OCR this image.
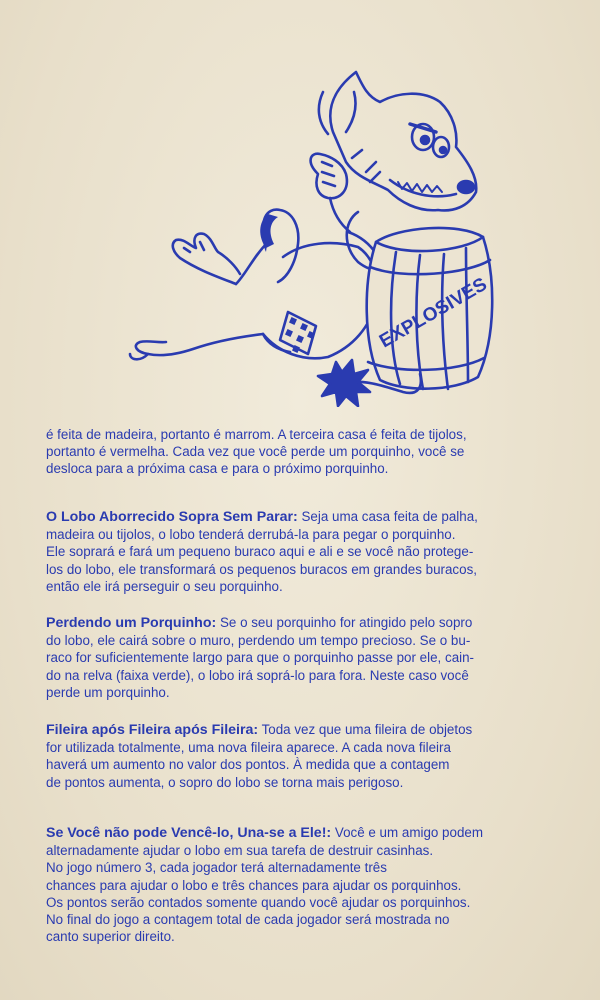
EXPLOSIVES
é feita de madeira, portanto é marrom. A terceira casa é feita de tijolos,
portanto é vermelha. Cada vez que você perde um porquinho, você se
desloca para a próxima casa e para o próximo porquinho.
O Lobo Aborrecido Sopra Sem Parar: Seja uma casa feita de palha,
madeira ou tijolos, o lobo tenderá derrubá-la para pegar o porquinho.
Ele soprará e fará um pequeno buraco aqui e ali e se você não protege-
los do lobo, ele transformará os pequenos buracos em grandes buracos,
então ele irá perseguir o seu porquinho.
Perdendo um Porquinho: Se o seu porquinho for atingido pelo sopro
do lobo, ele cairá sobre o muro, perdendo um tempo precioso. Se o bu-
raco for suficientemente largo para que o porquinho passe por ele, cain-
do na relva (faixa verde), o lobo irá soprá-lo para fora. Neste caso você
perde um porquinho.
Fileira após Fileira após Fileira: Toda vez que uma fileira de objetos
for utilizada totalmente, uma nova fileira aparece. A cada nova fileira
haverá um aumento no valor dos pontos. À medida que a contagem
de pontos aumenta, o sopro do lobo se torna mais perigoso.
Se Você não pode Vencê-lo, Una-se a Ele!: Você e um amigo podem
alternadamente ajudar o lobo em sua tarefa de destruir casinhas.
No jogo número 3, cada jogador terá alternadamente três
chances para ajudar o lobo e três chances para ajudar os porquinhos.
Os pontos serão contados somente quando você ajudar os porquinhos.
No final do jogo a contagem total de cada jogador será mostrada no
canto superior direito.
